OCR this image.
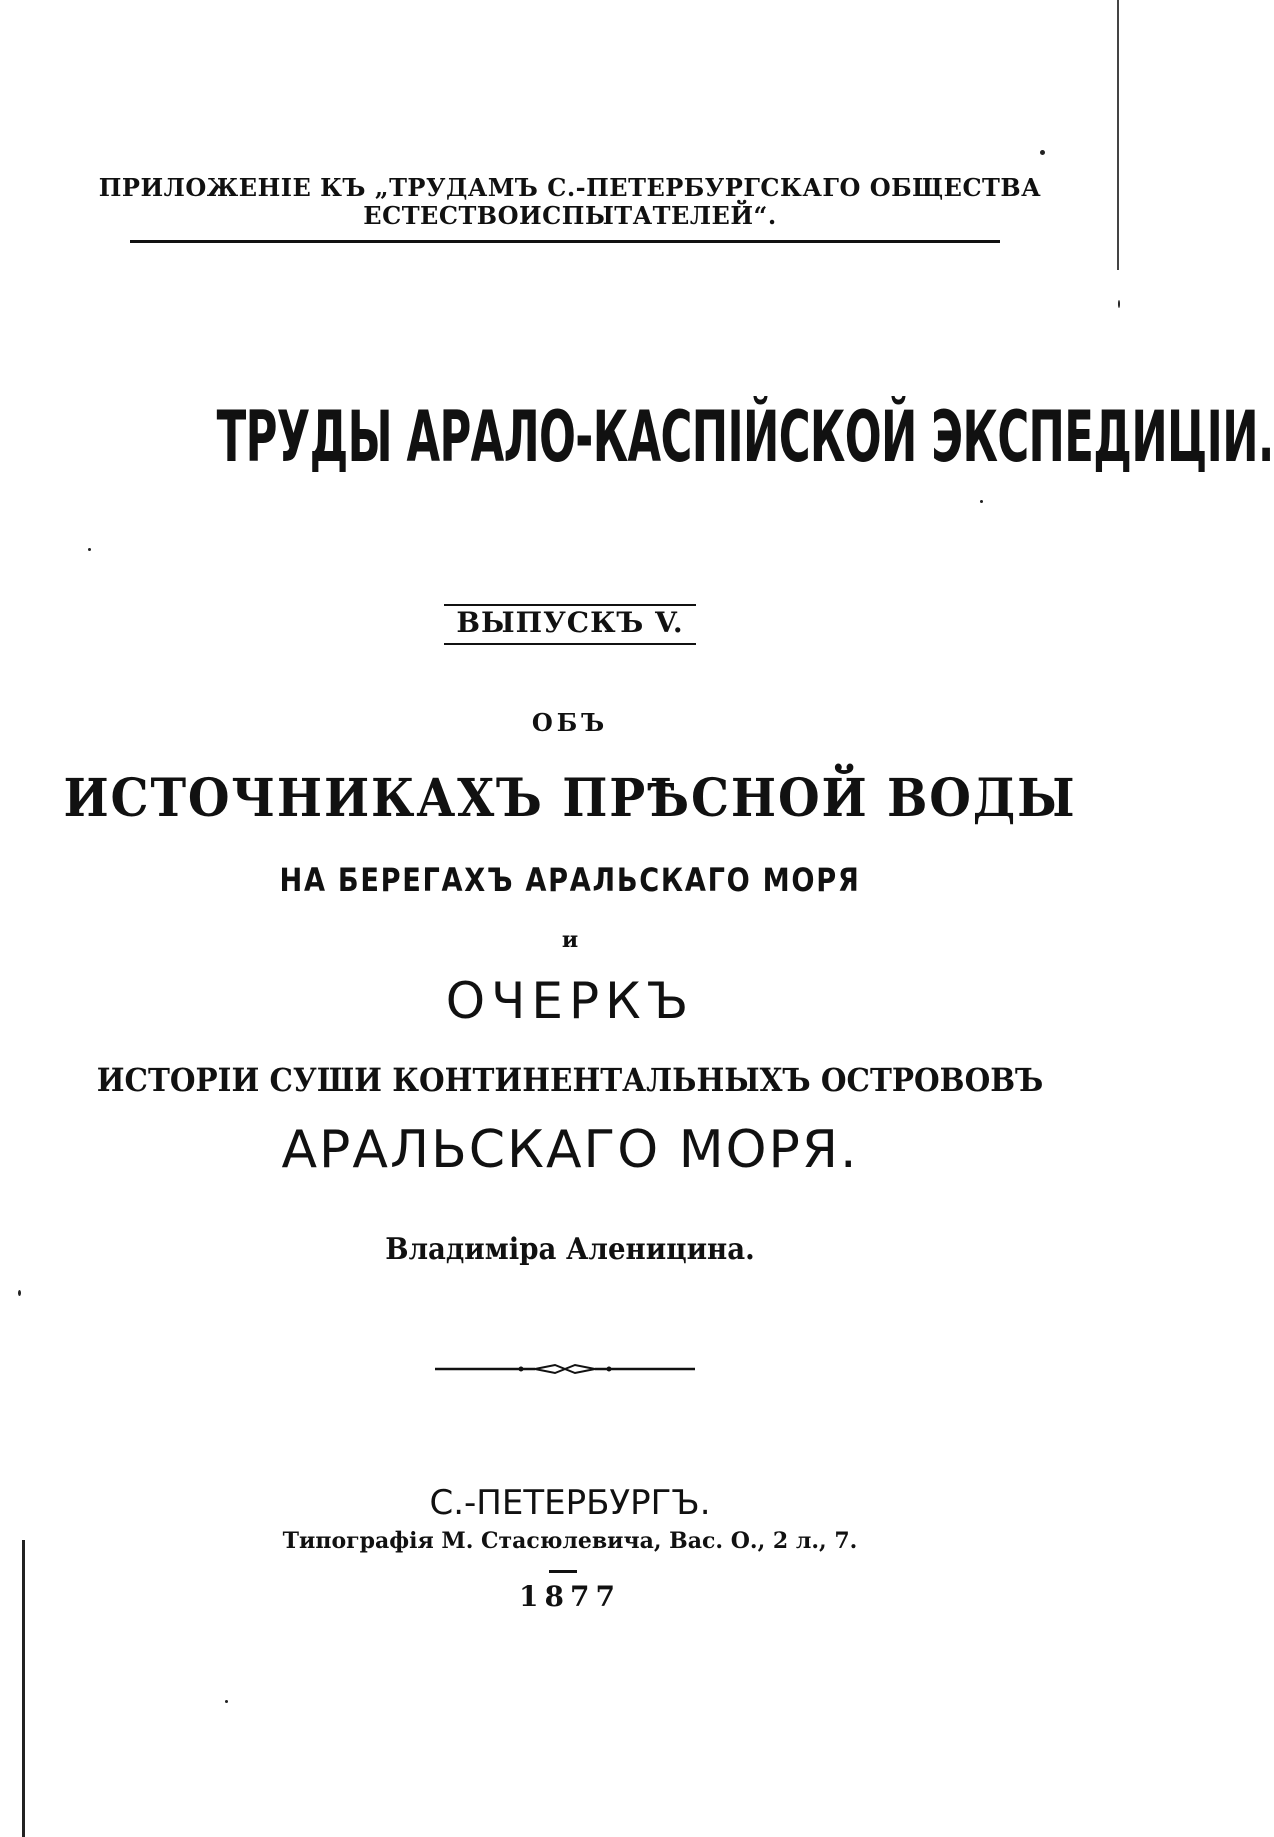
ПРИЛОЖЕНІЕ КЪ „ТРУДАМЪ С.-ПЕТЕРБУРГСКАГО ОБЩЕСТВА

ЕСТЕСТВОИСПЫТАТЕЛЕЙ“.

ТРУДЫ АРАЛО-КАСПІЙСКОЙ ЭКСПЕДИЦІИ.

ВЫПУСКЪ V.

ОБЪ

ИСТОЧНИКАХЪ ПРѢСНОЙ ВОДЫ

НА БЕРЕГАХЪ АРАЛЬСКАГО МОРЯ

и

ОЧЕРКЪ

ИСТОРІИ СУШИ КОНТИНЕНТАЛЬНЫХЪ ОСТРОВОВЪ

АРАЛЬСКАГО МОРЯ.

Владиміра Аленицина.

С.-ПЕТЕРБУРГЪ.

Типографія М. Стасюлевича, Вас. О., 2 л., 7.

1877
